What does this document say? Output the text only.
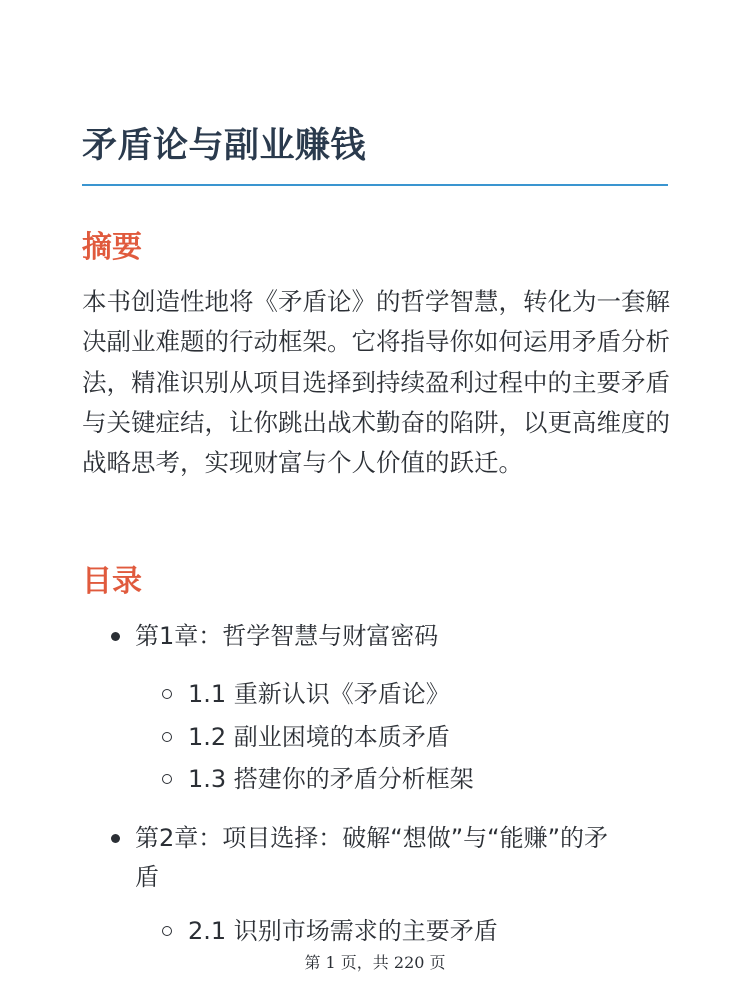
矛盾论与副业赚钱
摘要

本书创造性地将《矛盾论》的哲学智慧，转化为一套解决副业难题的行动框架。它将指导你如何运用矛盾分析法，精准识别从项目选择到持续盈利过程中的主要矛盾与关键症结，让你跳出战术勤奋的陷阱，以更高维度的战略思考，实现财富与个人价值的跃迁。

目录
第1章：哲学智慧与财富密码
1.1 重新认识《矛盾论》
1.2 副业困境的本质矛盾
1.3 搭建你的矛盾分析框架
第2章：项目选择：破解“想做”与“能赚”的矛盾
2.1 识别市场需求的主要矛盾
第 1 页，共 220 页
